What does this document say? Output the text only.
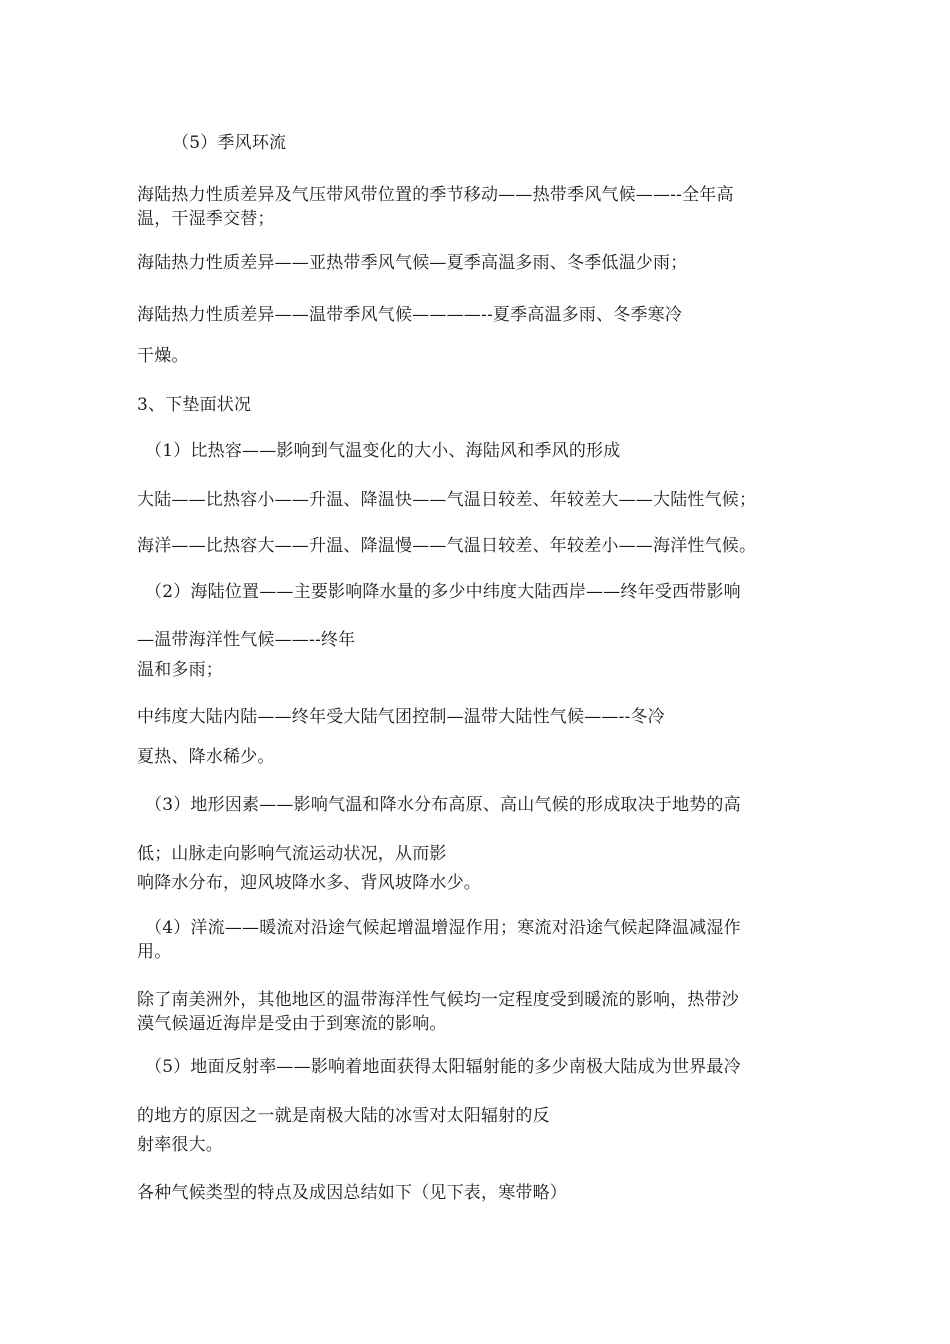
（5）季风环流

海陆热力性质差异及气压带风带位置的季节移动——热带季风气候——--全年高

温，干湿季交替；

海陆热力性质差异——亚热带季风气候—夏季高温多雨、冬季低温少雨；

海陆热力性质差异——温带季风气候————--夏季高温多雨、冬季寒冷

干燥。

3、下垫面状况

（1）比热容——影响到气温变化的大小、海陆风和季风的形成

大陆——比热容小——升温、降温快——气温日较差、年较差大——大陆性气候；

海洋——比热容大——升温、降温慢——气温日较差、年较差小——海洋性气候。

（2）海陆位置——主要影响降水量的多少中纬度大陆西岸——终年受西带影响

—温带海洋性气候——--终年

温和多雨；

中纬度大陆内陆——终年受大陆气团控制—温带大陆性气候——--冬冷

夏热、降水稀少。

（3）地形因素——影响气温和降水分布高原、高山气候的形成取决于地势的高

低；山脉走向影响气流运动状况，从而影

响降水分布，迎风坡降水多、背风坡降水少。

（4）洋流——暖流对沿途气候起增温增湿作用；寒流对沿途气候起降温减湿作

用。

除了南美洲外，其他地区的温带海洋性气候均一定程度受到暖流的影响，热带沙

漠气候逼近海岸是受由于到寒流的影响。

（5）地面反射率——影响着地面获得太阳辐射能的多少南极大陆成为世界最冷

的地方的原因之一就是南极大陆的冰雪对太阳辐射的反

射率很大。

各种气候类型的特点及成因总结如下（见下表，寒带略）
